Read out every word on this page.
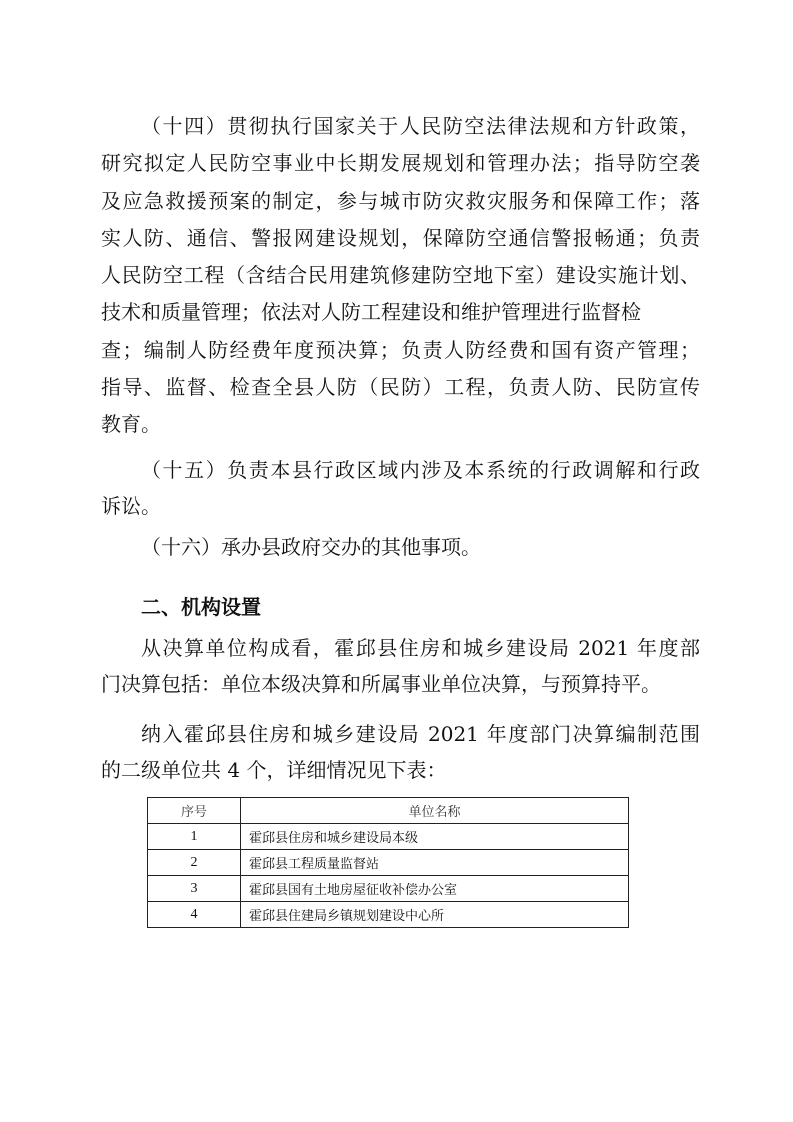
（十四）贯彻执行国家关于人民防空法律法规和方针政策，
研究拟定人民防空事业中长期发展规划和管理办法；指导防空袭
及应急救援预案的制定，参与城市防灾救灾服务和保障工作；落
实人防、通信、警报网建设规划，保障防空通信警报畅通；负责
人民防空工程（含结合民用建筑修建防空地下室）建设实施计划、
技术和质量管理；依法对人防工程建设和维护管理进行监督检
查；编制人防经费年度预决算；负责人防经费和国有资产管理；
指导、监督、检查全县人防（民防）工程，负责人防、民防宣传
教育。
（十五）负责本县行政区域内涉及本系统的行政调解和行政
诉讼。
（十六）承办县政府交办的其他事项。
二、机构设置
从决算单位构成看，霍邱县住房和城乡建设局 2021 年度部
门决算包括：单位本级决算和所属事业单位决算，与预算持平。
纳入霍邱县住房和城乡建设局 2021 年度部门决算编制范围
的二级单位共 4 个，详细情况见下表：
序号	单位名称
1	霍邱县住房和城乡建设局本级
2	霍邱县工程质量监督站
3	霍邱县国有土地房屋征收补偿办公室
4	霍邱县住建局乡镇规划建设中心所
